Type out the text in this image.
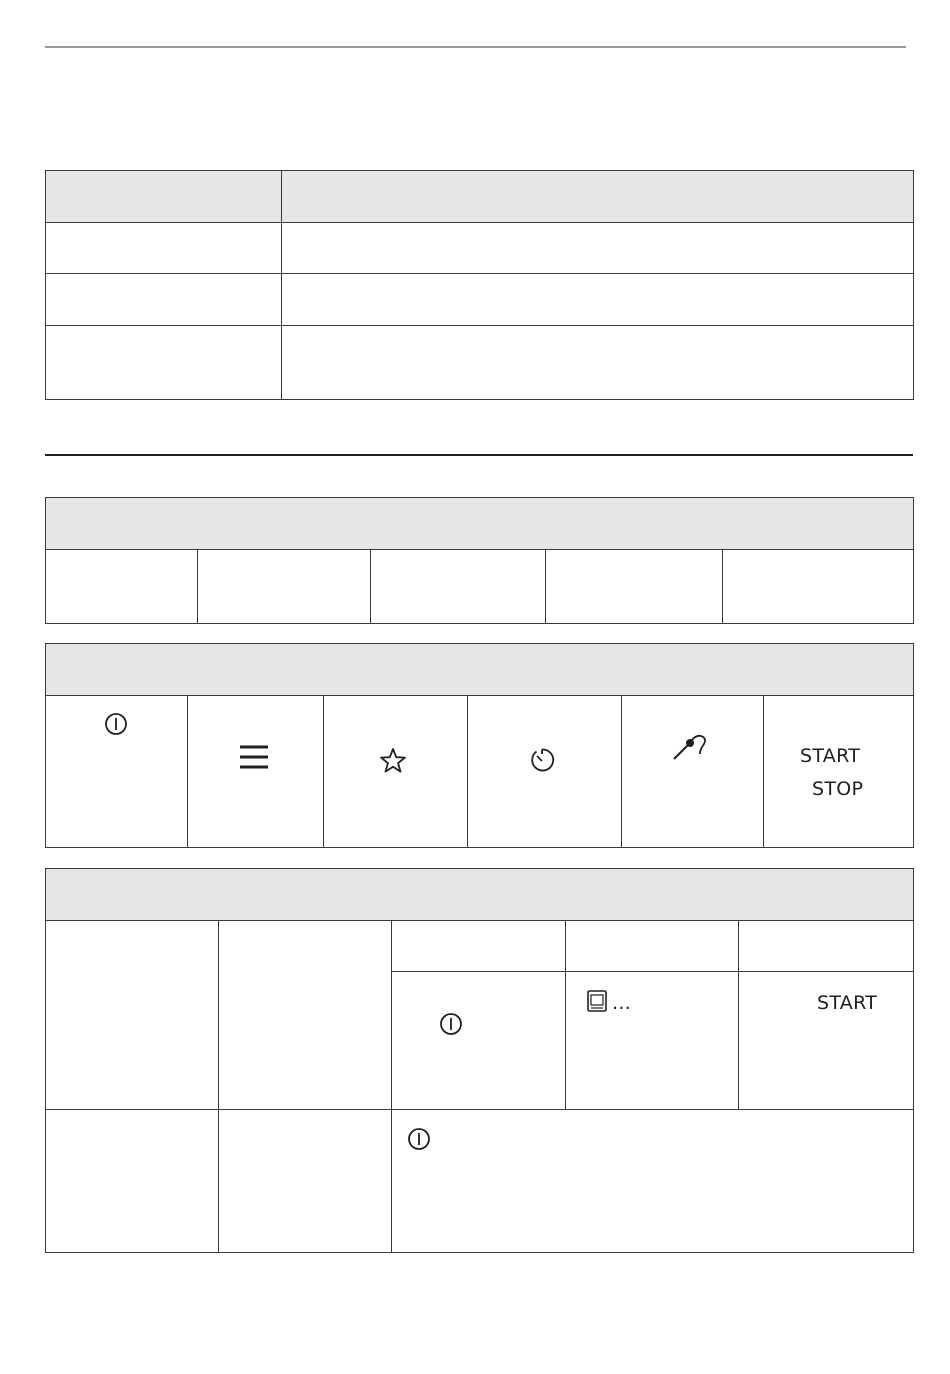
START
STOP

...	START
